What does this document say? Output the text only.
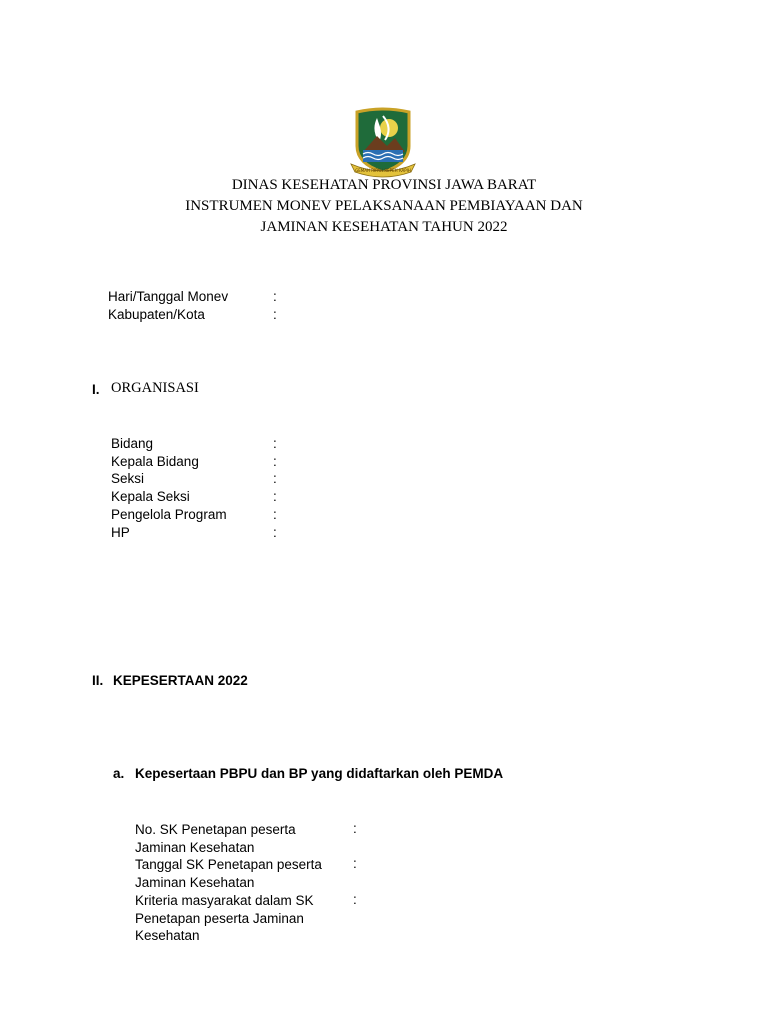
GEMAH RIPAH REPEH RAPIH
DINAS KESEHATAN PROVINSI JAWA BARAT
INSTRUMEN MONEV PELAKSANAAN PEMBIAYAAN DAN
JAMINAN KESEHATAN TAHUN 2022
Hari/Tanggal Monev	:
Kabupaten/Kota	:
I. ORGANISASI
Bidang	:
Kepala Bidang	:
Seksi	:
Kepala Seksi	:
Pengelola Program	:
HP	:
II. KEPESERTAAN 2022
a. Kepesertaan PBPU dan BP yang didaftarkan oleh PEMDA
No. SK Penetapan peserta
Jaminan Kesehatan
:
Tanggal SK Penetapan peserta
Jaminan Kesehatan
:
Kriteria masyarakat dalam SK
Penetapan peserta Jaminan
Kesehatan
:
